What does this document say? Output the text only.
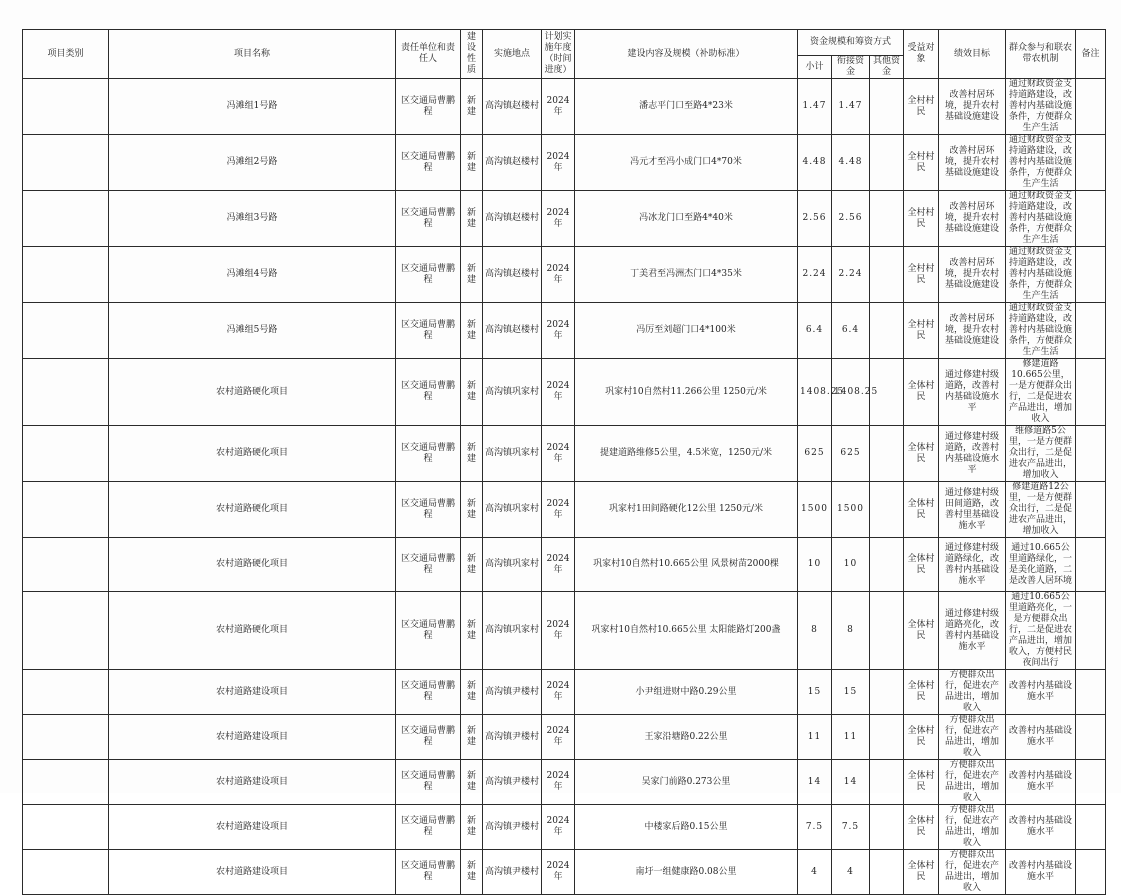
项目类别	项目名称	责任单位和责任人	建设性质	实施地点	计划实施年度（时间进度）	建设内容及规模（补助标准）	资金规模和筹资方式			受益对象	绩效目标	群众参与和联农带农机制	备注
							小计	衔接资金	其他资金				
	冯滩组1号路	区交通局曹鹏程	新建	高沟镇赵楼村	2024年	潘志平门口至路4*23米	1.47	1.47		全村村民	改善村居环境，提升农村基础设施建设	通过财政资金支持道路建设，改善村内基础设施条件，方便群众生产生活	
	冯滩组2号路	区交通局曹鹏程	新建	高沟镇赵楼村	2024年	冯元才至冯小成门口4*70米	4.48	4.48		全村村民	改善村居环境，提升农村基础设施建设	通过财政资金支持道路建设，改善村内基础设施条件，方便群众生产生活	
	冯滩组3号路	区交通局曹鹏程	新建	高沟镇赵楼村	2024年	冯冰龙门口至路4*40米	2.56	2.56		全村村民	改善村居环境，提升农村基础设施建设	通过财政资金支持道路建设，改善村内基础设施条件，方便群众生产生活	
	冯滩组4号路	区交通局曹鹏程	新建	高沟镇赵楼村	2024年	丁美君至冯洲杰门口4*35米	2.24	2.24		全村村民	改善村居环境，提升农村基础设施建设	通过财政资金支持道路建设，改善村内基础设施条件，方便群众生产生活	
	冯滩组5号路	区交通局曹鹏程	新建	高沟镇赵楼村	2024年	冯厉至刘超门口4*100米	6.4	6.4		全村村民	改善村居环境，提升农村基础设施建设	通过财政资金支持道路建设，改善村内基础设施条件，方便群众生产生活	
	农村道路硬化项目	区交通局曹鹏程	新建	高沟镇巩家村	2024年	巩家村10自然村11.266公里 1250元/米	1408.25	1408.25		全体村民	通过修建村级道路，改善村内基础设施水平	修建道路10.665公里，一是方便群众出行，二是促进农产品进出，增加收入	
	农村道路硬化项目	区交通局曹鹏程	新建	高沟镇巩家村	2024年	提建道路维修5公里，4.5米宽，1250元/米	625	625		全体村民	通过修建村级道路，改善村内基础设施水平	维修道路5公里，一是方便群众出行，二是促进农产品进出，增加收入	
	农村道路硬化项目	区交通局曹鹏程	新建	高沟镇巩家村	2024年	巩家村1田间路硬化12公里 1250元/米	1500	1500		全体村民	通过修建村级田间道路，改善村里基础设施水平	修建道路12公里，一是方便群众出行，二是促进农产品进出，增加收入	
	农村道路硬化项目	区交通局曹鹏程	新建	高沟镇巩家村	2024年	巩家村10自然村10.665公里 风景树苗2000棵	10	10		全体村民	通过修建村级道路绿化，改善村内基础设施水平	通过10.665公里道路绿化，一是美化道路，二是改善人居环境	
	农村道路硬化项目	区交通局曹鹏程	新建	高沟镇巩家村	2024年	巩家村10自然村10.665公里 太阳能路灯200盏	8	8		全体村民	通过修建村级道路亮化，改善村内基础设施水平	通过10.665公里道路亮化，一是方便群众出行，二是促进农产品进出，增加收入，方便村民夜间出行	
	农村道路建设项目	区交通局曹鹏程	新建	高沟镇尹楼村	2024年	小尹组进财中路0.29公里	15	15		全体村民	方便群众出行，促进农产品进出，增加收入	改善村内基础设施水平	
	农村道路建设项目	区交通局曹鹏程	新建	高沟镇尹楼村	2024年	王家沿塘路0.22公里	11	11		全体村民	方便群众出行，促进农产品进出，增加收入	改善村内基础设施水平	
	农村道路建设项目	区交通局曹鹏程	新建	高沟镇尹楼村	2024年	吴家门前路0.273公里	14	14		全体村民	方便群众出行，促进农产品进出，增加收入	改善村内基础设施水平	
	农村道路建设项目	区交通局曹鹏程	新建	高沟镇尹楼村	2024年	中楼家后路0.15公里	7.5	7.5		全体村民	方便群众出行，促进农产品进出，增加收入	改善村内基础设施水平	
	农村道路建设项目	区交通局曹鹏程	新建	高沟镇尹楼村	2024年	南圩一组健康路0.08公里	4	4		全体村民	方便群众出行，促进农产品进出，增加收入	改善村内基础设施水平	
